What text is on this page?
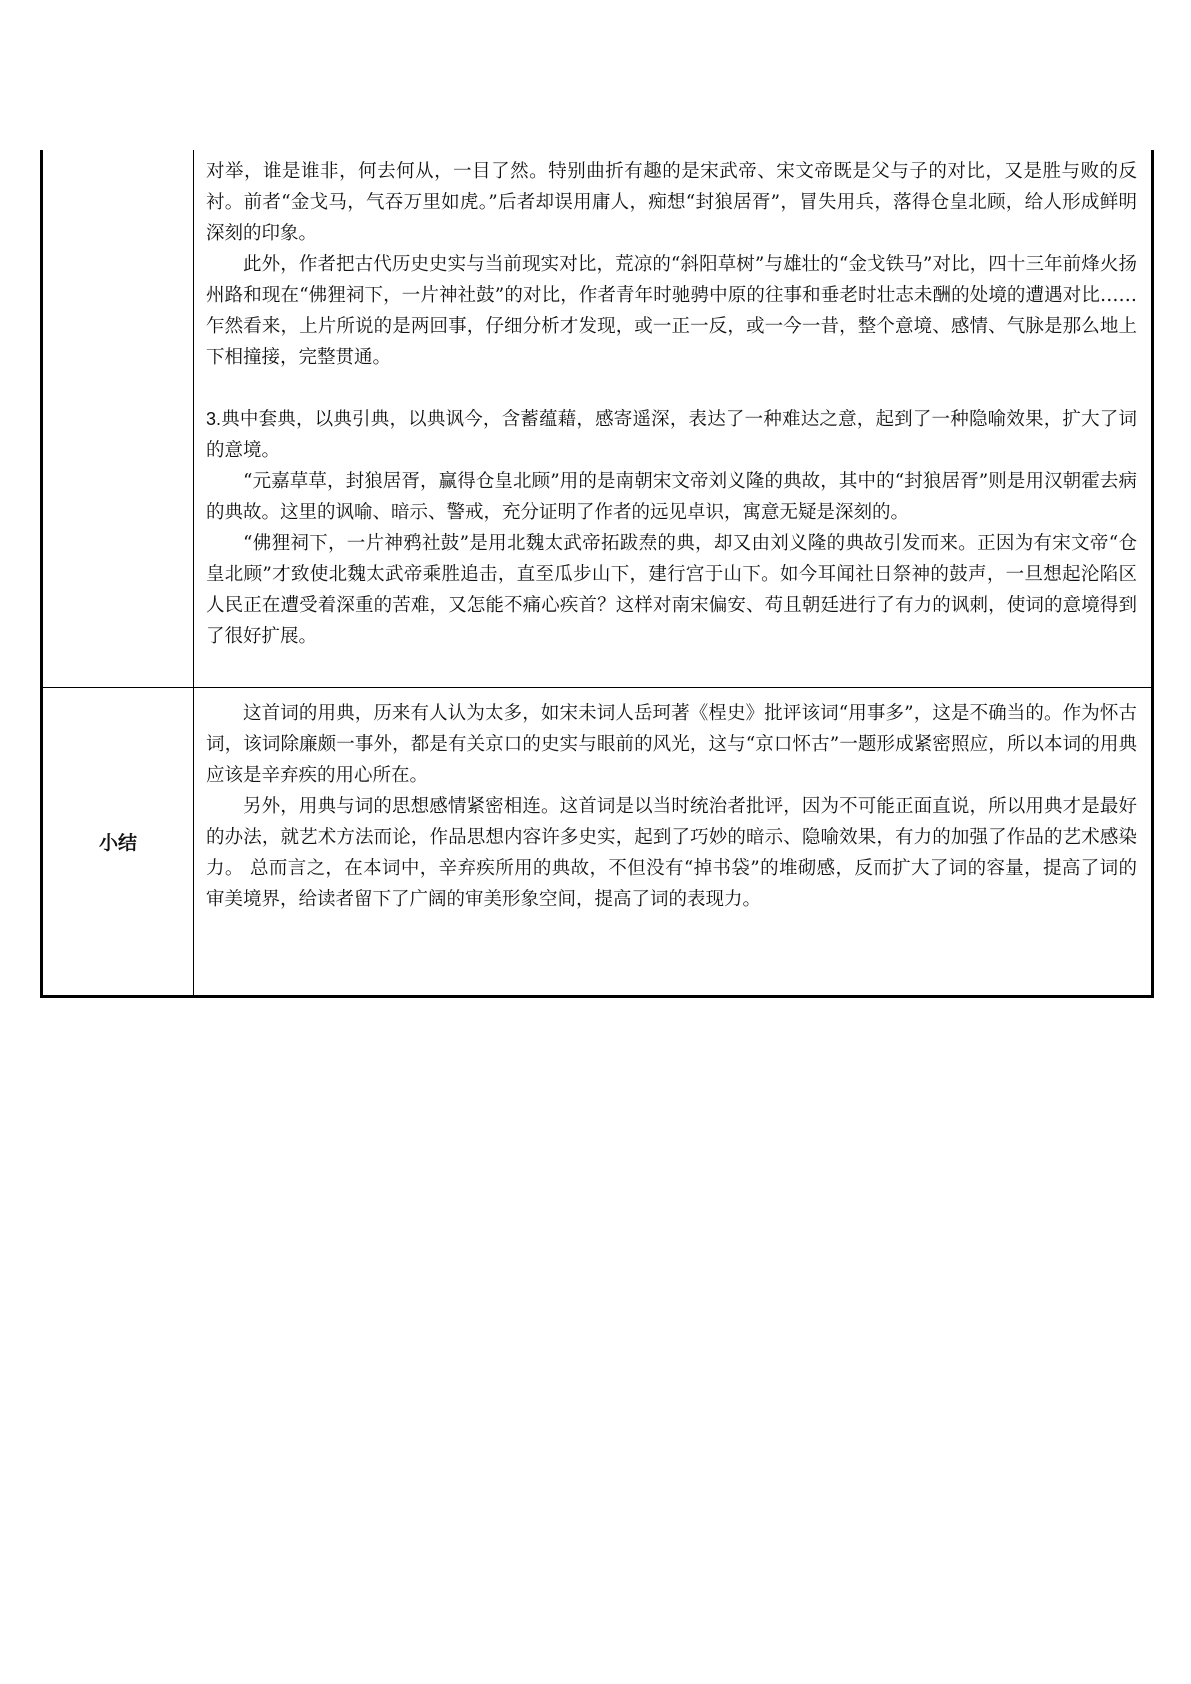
	对举，谁是谁非，何去何从，一目了然。特别曲折有趣的是宋武帝、宋文帝既是父与子的对比，又是胜与败的反衬。前者“金戈马，气吞万里如虎。”后者却误用庸人，痴想“封狼居胥”，冒失用兵，落得仓皇北顾，给人形成鲜明深刻的印象。

此外，作者把古代历史史实与当前现实对比，荒凉的“斜阳草树”与雄壮的“金戈铁马”对比，四十三年前烽火扬州路和现在“佛狸祠下，一片神社鼓”的对比，作者青年时驰骋中原的往事和垂老时壮志未酬的处境的遭遇对比……乍然看来，上片所说的是两回事，仔细分析才发现，或一正一反，或一今一昔，整个意境、感情、气脉是那么地上下相撞接，完整贯通。

3.典中套典，以典引典，以典讽今，含蓄蕴藉，感寄遥深，表达了一种难达之意，起到了一种隐喻效果，扩大了词的意境。

“元嘉草草，封狼居胥，赢得仓皇北顾”用的是南朝宋文帝刘义隆的典故，其中的“封狼居胥”则是用汉朝霍去病的典故。这里的讽喻、暗示、警戒，充分证明了作者的远见卓识，寓意无疑是深刻的。

“佛狸祠下，一片神鸦社鼓”是用北魏太武帝拓跋焘的典，却又由刘义隆的典故引发而来。正因为有宋文帝“仓皇北顾”才致使北魏太武帝乘胜追击，直至瓜步山下，建行宫于山下。如今耳闻社日祭神的鼓声，一旦想起沦陷区人民正在遭受着深重的苦难，又怎能不痛心疾首？这样对南宋偏安、苟且朝廷进行了有力的讽刺，使词的意境得到了很好扩展。

小结	这首词的用典，历来有人认为太多，如宋未词人岳珂著《桯史》批评该词“用事多”，这是不确当的。作为怀古词，该词除廉颇一事外，都是有关京口的史实与眼前的风光，这与“京口怀古”一题形成紧密照应，所以本词的用典应该是辛弃疾的用心所在。

另外，用典与词的思想感情紧密相连。这首词是以当时统治者批评，因为不可能正面直说，所以用典才是最好的办法，就艺术方法而论，作品思想内容许多史实，起到了巧妙的暗示、隐喻效果，有力的加强了作品的艺术感染力。 总而言之，在本词中，辛弃疾所用的典故，不但没有“掉书袋”的堆砌感，反而扩大了词的容量，提高了词的审美境界，给读者留下了广阔的审美形象空间，提高了词的表现力。
